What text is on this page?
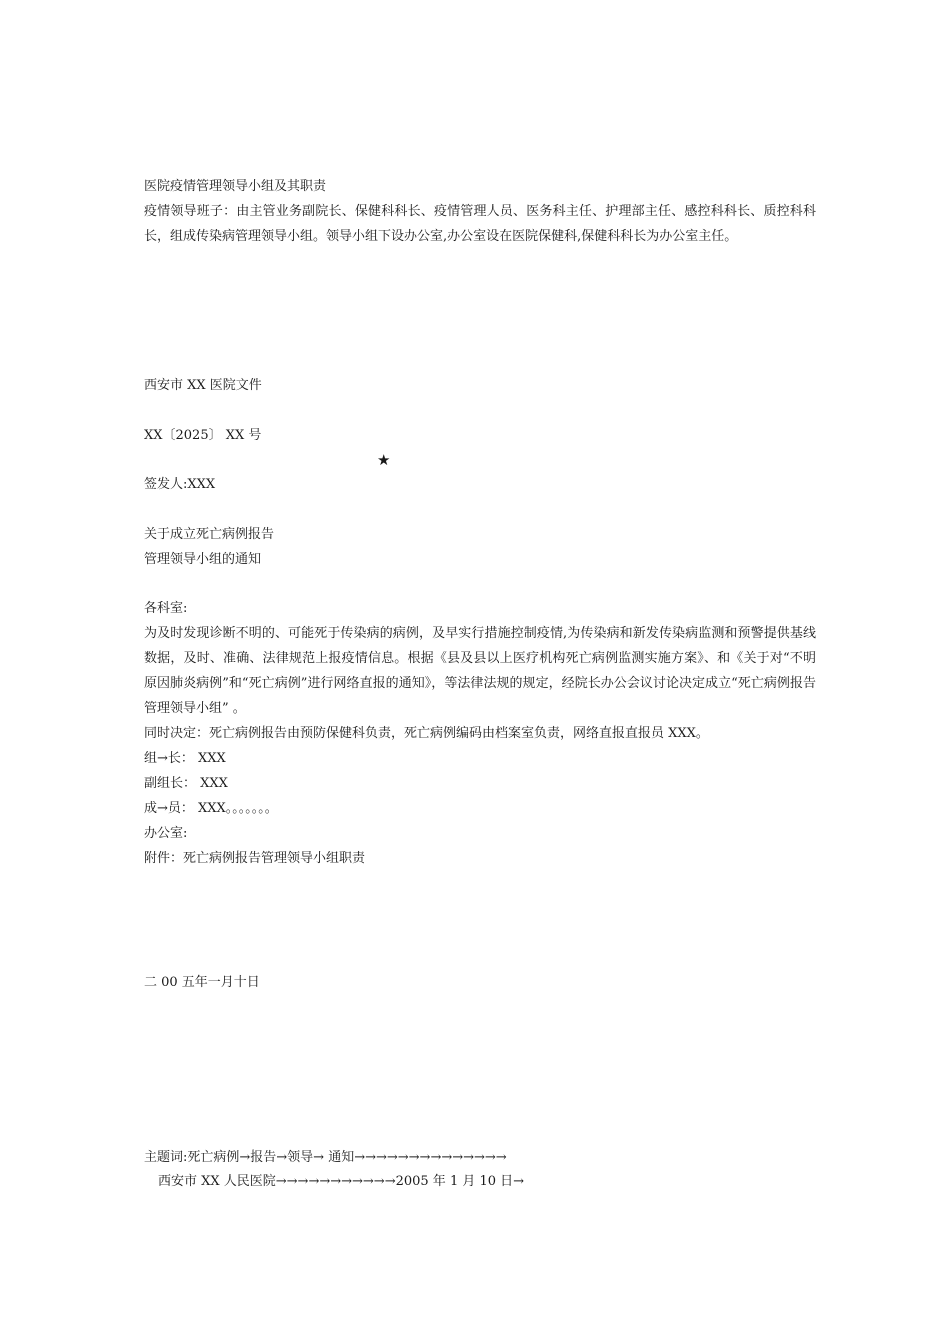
医院疫情管理领导小组及其职责
疫情领导班子：由主管业务副院长、保健科科长、疫情管理人员、医务科主任、护理部主任、感控科科长、质控科科长，组成传染病管理领导小组。领导小组下设办公室,办公室设在医院保健科,保健科科长为办公室主任。
西安市 XX 医院文件
XX〔2025〕 XX 号
★
签发人:XXX
关于成立死亡病例报告
管理领导小组的通知
各科室:
为及时发现诊断不明的、可能死于传染病的病例，及早实行措施控制疫情,为传染病和新发传染病监测和预警提供基线数据，及时、准确、法律规范上报疫情信息。根据《县及县以上医疗机构死亡病例监测实施方案》、和《关于对“不明原因肺炎病例”和“死亡病例”进行网络直报的通知》，等法律法规的规定，经院长办公会议讨论决定成立“死亡病例报告管理领导小组” 。
同时决定：死亡病例报告由预防保健科负责，死亡病例编码由档案室负责，网络直报直报员 XXX。
组→长： XXX
副组长： XXX
成→员： XXX。。。。。。。
办公室:
附件：死亡病例报告管理领导小组职责
二 00 五年一月十日
主题词:死亡病例→报告→领导→ 通知→→→→→→→→→→→→→→
西安市 XX 人民医院→→→→→→→→→→→2005 年 1 月 10 日→
